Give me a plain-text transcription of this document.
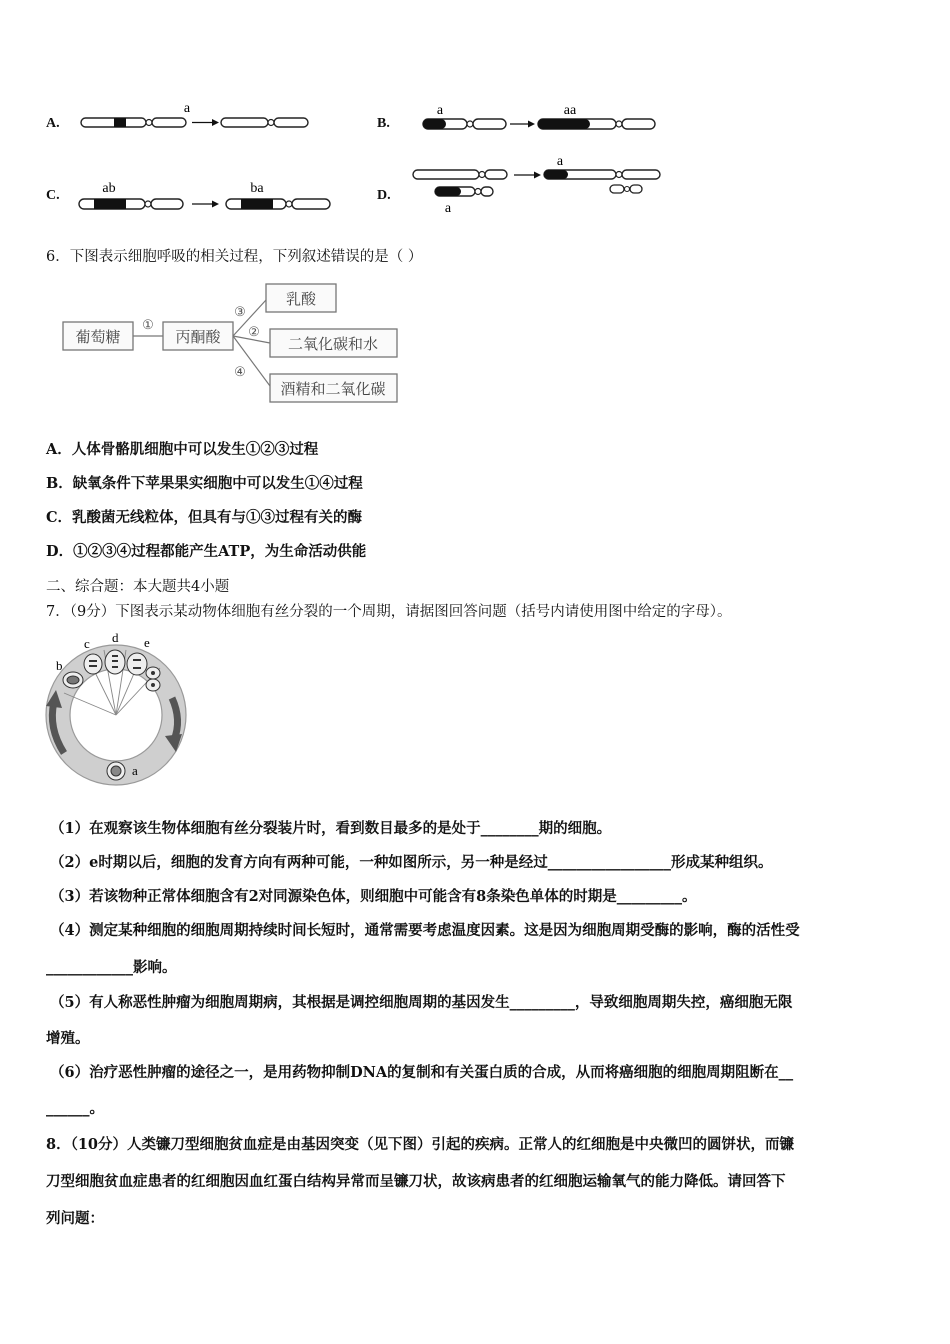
A.
a
B.
a	aa
C.	ab	ba	D.
a
a
6．下图表示细胞呼吸的相关过程，下列叙述错误的是（ ）
葡萄糖	丙酮酸
乳酸
二氧化碳和水
酒精和二氧化碳
①
③
②
④
A．人体骨骼肌细胞中可以发生①②③过程
B．缺氧条件下苹果果实细胞中可以发生①④过程
C．乳酸菌无线粒体，但具有与①③过程有关的酶
D．①②③④过程都能产生ATP，为生命活动供能
二、综合题：本大题共4小题
7．（9分）下图表示某动物体细胞有丝分裂的一个周期，请据图回答问题（括号内请使用图中给定的字母）。
b
c d e
a
（1）在观察该生物体细胞有丝分裂装片时，看到数目最多的是处于________期的细胞。
（2）e时期以后，细胞的发育方向有两种可能，一种如图所示，另一种是经过_________________形成某种组织。
（3）若该物种正常体细胞含有2对同源染色体，则细胞中可能含有8条染色单体的时期是_________。
（4）测定某种细胞的细胞周期持续时间长短时，通常需要考虑温度因素。这是因为细胞周期受酶的影响，酶的活性受
____________影响。
（5）有人称恶性肿瘤为细胞周期病，其根据是调控细胞周期的基因发生_________，导致细胞周期失控，癌细胞无限
增殖。
（6）治疗恶性肿瘤的途径之一，是用药物抑制DNA的复制和有关蛋白质的合成，从而将癌细胞的细胞周期阻断在__
______。
8．（10分）人类镰刀型细胞贫血症是由基因突变（见下图）引起的疾病。正常人的红细胞是中央微凹的圆饼状，而镰
刀型细胞贫血症患者的红细胞因血红蛋白结构异常而呈镰刀状，故该病患者的红细胞运输氧气的能力降低。请回答下
列问题：
